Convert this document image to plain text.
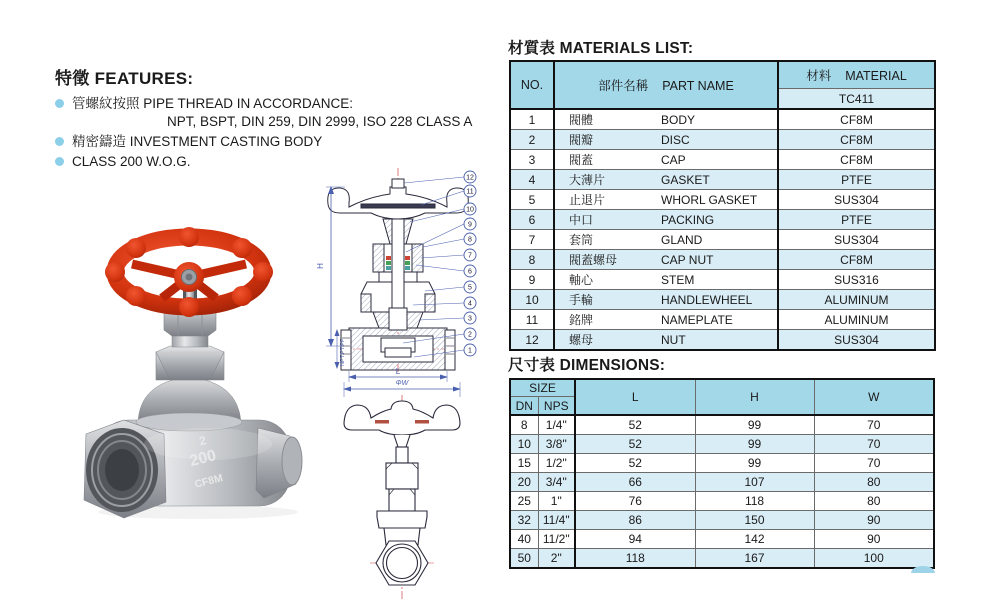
特徵 FEATURES:
管螺紋按照 PIPE THREAD IN ACCORDANCE:
NPT, BSPT, DIN 259, DIN 2999, ISO 228 CLASS A
精密鑄造 INVESTMENT CASTING BODY
CLASS 200 W.O.G.
2
200
CF8M
H
NPT.PT.PF
L
12
11
10
9
8
7
6
5
4
3
2
1
ΦW
材質表 MATERIALS LIST:
NO.	部件名稱 PART NAME	材料 MATERIAL
		TC411
1	閥體 BODY	CF8M
2	閥瓣 DISC	CF8M
3	閥蓋 CAP	CF8M
4	大薄片 GASKET	PTFE
5	止退片 WHORL GASKET	SUS304
6	中口 PACKING	PTFE
7	套筒 GLAND	SUS304
8	閥蓋螺母 CAP NUT	CF8M
9	軸心 STEM	SUS316
10	手輪 HANDLEWHEEL	ALUMINUM
11	銘牌 NAMEPLATE	ALUMINUM
12	螺母 NUT	SUS304
尺寸表 DIMENSIONS:
SIZE		L	H	W
DN	NPS			
8	1/4"	52	99	70
10	3/8"	52	99	70
15	1/2"	52	99	70
20	3/4"	66	107	80
25	1"	76	118	80
32	11/4"	86	150	90
40	11/2"	94	142	90
50	2"	118	167	100
